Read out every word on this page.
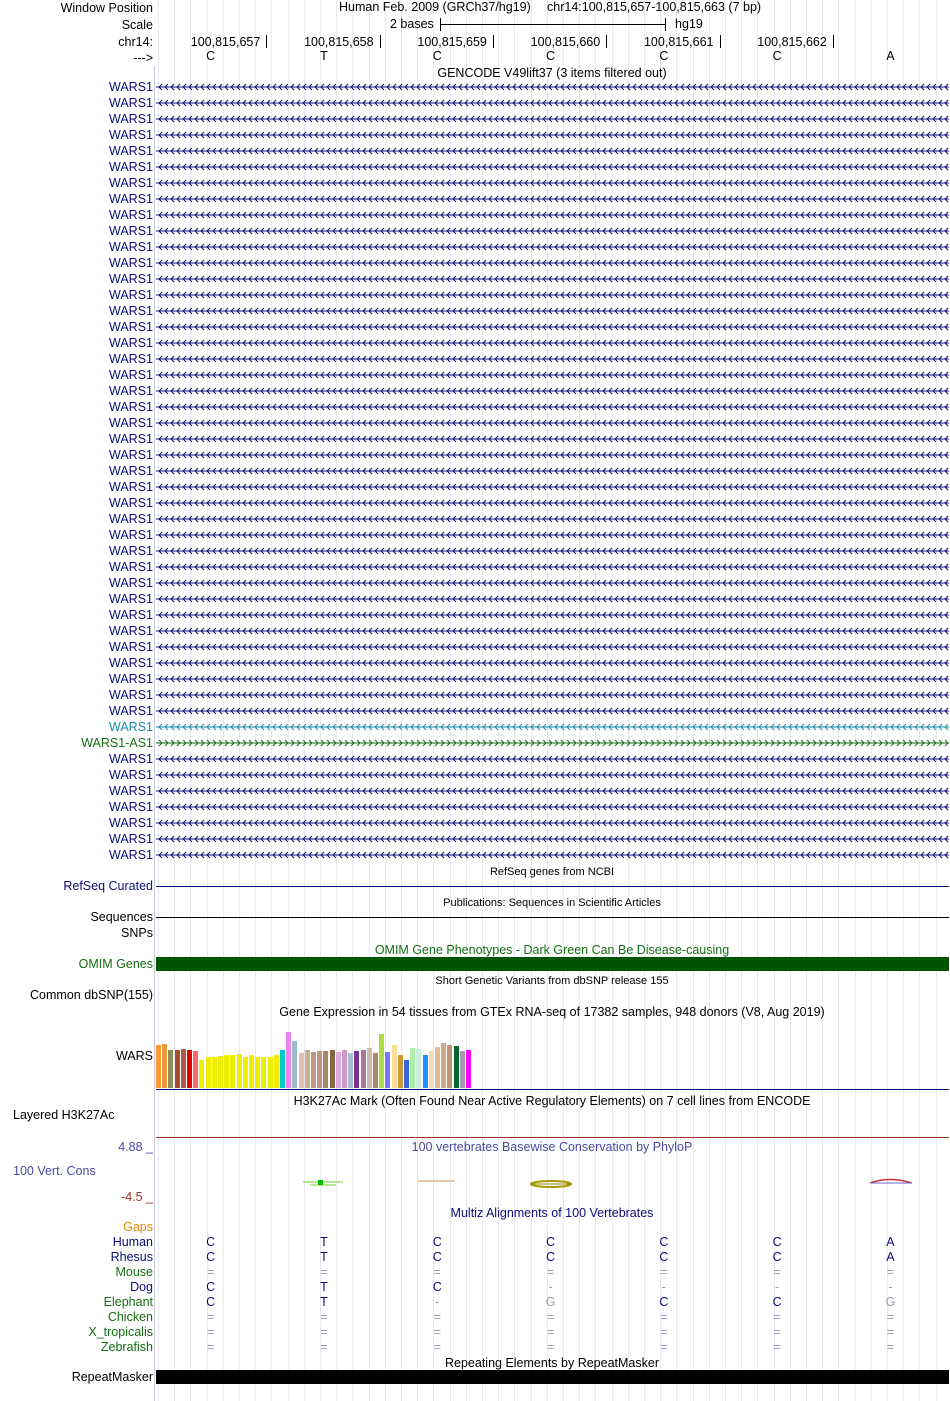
Window Position	Human Feb. 2009 (GRCh37/hg19) chr14:100,815,657-100,815,663 (7 bp)
Scale	2 bases	hg19
chr14:	100,815,657	100,815,658	100,815,659	100,815,660	100,815,661	100,815,662
--->	C	T	C	C	C	C	A
GENCODE V49lift37 (3 items filtered out)
WARS1
WARS1
WARS1
WARS1
WARS1
WARS1
WARS1
WARS1
WARS1
WARS1
WARS1
WARS1
WARS1
WARS1
WARS1
WARS1
WARS1
WARS1
WARS1
WARS1
WARS1
WARS1
WARS1
WARS1
WARS1
WARS1
WARS1
WARS1
WARS1
WARS1
WARS1
WARS1
WARS1
WARS1
WARS1
WARS1
WARS1
WARS1
WARS1
WARS1
WARS1
WARS1-AS1
WARS1
WARS1
WARS1
WARS1
WARS1
WARS1
WARS1
RefSeq genes from NCBI
RefSeq Curated
Publications: Sequences in Scientific Articles
Sequences
SNPs
OMIM Gene Phenotypes - Dark Green Can Be Disease-causing
OMIM Genes
Short Genetic Variants from dbSNP release 155
Common dbSNP(155)
Gene Expression in 54 tissues from GTEx RNA-seq of 17382 samples, 948 donors (V8, Aug 2019)
WARS
H3K27Ac Mark (Often Found Near Active Regulatory Elements) on 7 cell lines from ENCODE
Layered H3K27Ac
100 vertebrates Basewise Conservation by PhyloP
4.88 _
100 Vert. Cons
-4.5 _
Multiz Alignments of 100 Vertebrates
Gaps
Human	C	T	C	C	C	C	A
Rhesus	C	T	C	C	C	C	A
Mouse	=	=	=	=	=	=	=
Dog	C	T	C	-	-	-	-
Elephant	C	T	-	G	C	C	G
Chicken	=	=	=	=	=	=	=
X_tropicalis	=	=	=	=	=	=	=
Zebrafish	=	=	=	=	=	=	=
Repeating Elements by RepeatMasker
RepeatMasker
